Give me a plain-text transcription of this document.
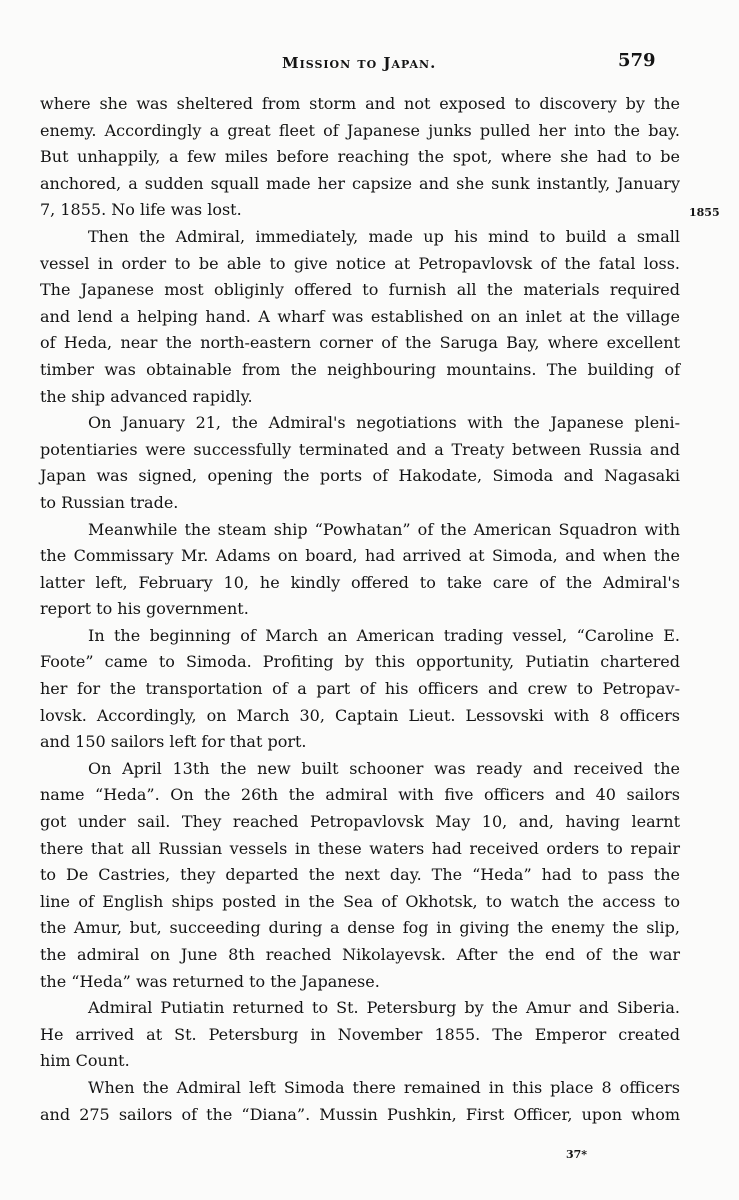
Mission to Japan.	579
where she was sheltered from storm and not exposed to discovery by the
enemy. Accordingly a great fleet of Japanese junks pulled her into the bay.
But unhappily, a few miles before reaching the spot, where she had to be
anchored, a sudden squall made her capsize and she sunk instantly, January
7, 1855. No life was lost.
Then the Admiral, immediately, made up his mind to build a small
vessel in order to be able to give notice at Petropavlovsk of the fatal loss.
The Japanese most obliginly offered to furnish all the materials required
and lend a helping hand. A wharf was established on an inlet at the village
of Heda, near the north-eastern corner of the Saruga Bay, where excellent
timber was obtainable from the neighbouring mountains. The building of
the ship advanced rapidly.
On January 21, the Admiral's negotiations with the Japanese pleni-
potentiaries were successfully terminated and a Treaty between Russia and
Japan was signed, opening the ports of Hakodate, Simoda and Nagasaki
to Russian trade.
Meanwhile the steam ship “Powhatan” of the American Squadron with
the Commissary Mr. Adams on board, had arrived at Simoda, and when the
latter left, February 10, he kindly offered to take care of the Admiral's
report to his government.
In the beginning of March an American trading vessel, “Caroline E.
Foote” came to Simoda. Profiting by this opportunity, Putiatin chartered
her for the transportation of a part of his officers and crew to Petropav-
lovsk. Accordingly, on March 30, Captain Lieut. Lessovski with 8 officers
and 150 sailors left for that port.
On April 13th the new built schooner was ready and received the
name “Heda”. On the 26th the admiral with five officers and 40 sailors
got under sail. They reached Petropavlovsk May 10, and, having learnt
there that all Russian vessels in these waters had received orders to repair
to De Castries, they departed the next day. The “Heda” had to pass the
line of English ships posted in the Sea of Okhotsk, to watch the access to
the Amur, but, succeeding during a dense fog in giving the enemy the slip,
the admiral on June 8th reached Nikolayevsk. After the end of the war
the “Heda” was returned to the Japanese.
Admiral Putiatin returned to St. Petersburg by the Amur and Siberia.
He arrived at St. Petersburg in November 1855. The Emperor created
him Count.
When the Admiral left Simoda there remained in this place 8 officers
and 275 sailors of the “Diana”. Mussin Pushkin, First Officer, upon whom
1855
37*
